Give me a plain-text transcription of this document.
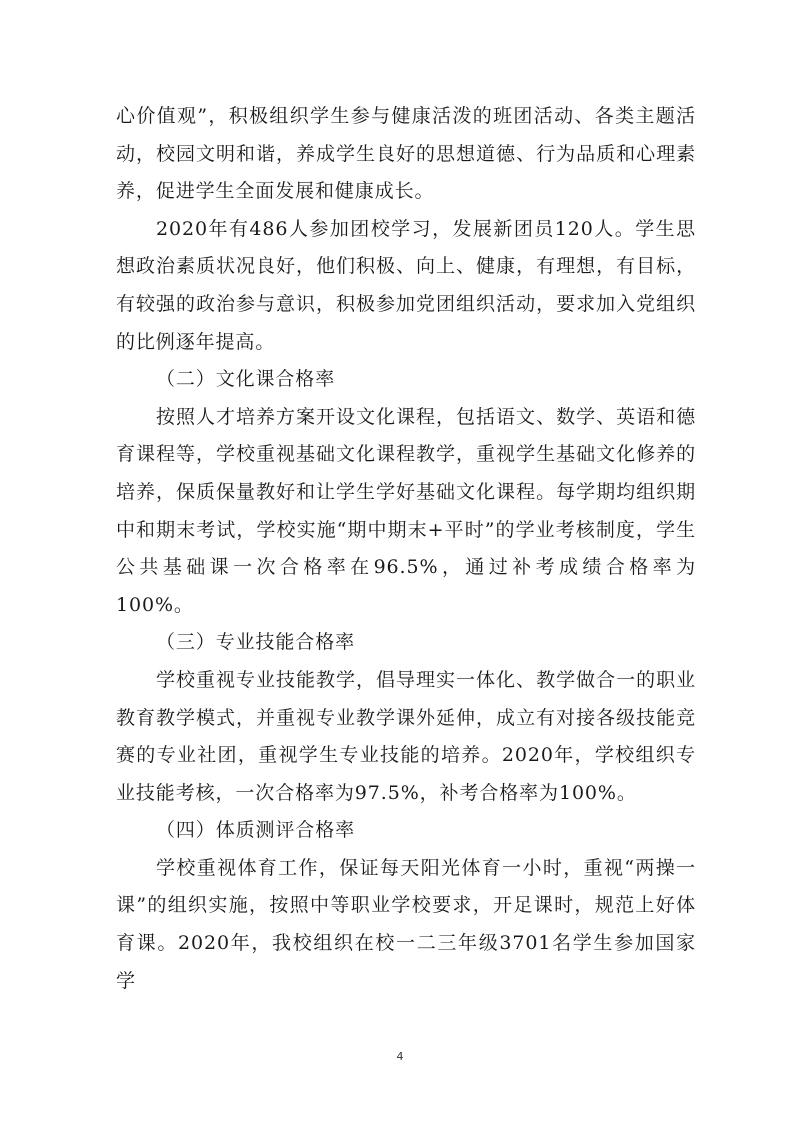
心价值观”，积极组织学生参与健康活泼的班团活动、各类主题活动，校园文明和谐，养成学生良好的思想道德、行为品质和心理素养，促进学生全面发展和健康成长。

2020年有486人参加团校学习，发展新团员120人。学生思想政治素质状况良好，他们积极、向上、健康，有理想，有目标，有较强的政治参与意识，积极参加党团组织活动，要求加入党组织的比例逐年提高。

（二）文化课合格率

按照人才培养方案开设文化课程，包括语文、数学、英语和德育课程等，学校重视基础文化课程教学，重视学生基础文化修养的培养，保质保量教好和让学生学好基础文化课程。每学期均组织期中和期末考试，学校实施“期中期末+平时”的学业考核制度，学生公共基础课一次合格率在96.5%，通过补考成绩合格率为100%。

（三）专业技能合格率

学校重视专业技能教学，倡导理实一体化、教学做合一的职业教育教学模式，并重视专业教学课外延伸，成立有对接各级技能竞赛的专业社团，重视学生专业技能的培养。2020年，学校组织专业技能考核，一次合格率为97.5%，补考合格率为100%。

（四）体质测评合格率

学校重视体育工作，保证每天阳光体育一小时，重视“两操一课”的组织实施，按照中等职业学校要求，开足课时，规范上好体育课。2020年，我校组织在校一二三年级3701名学生参加国家学

4
